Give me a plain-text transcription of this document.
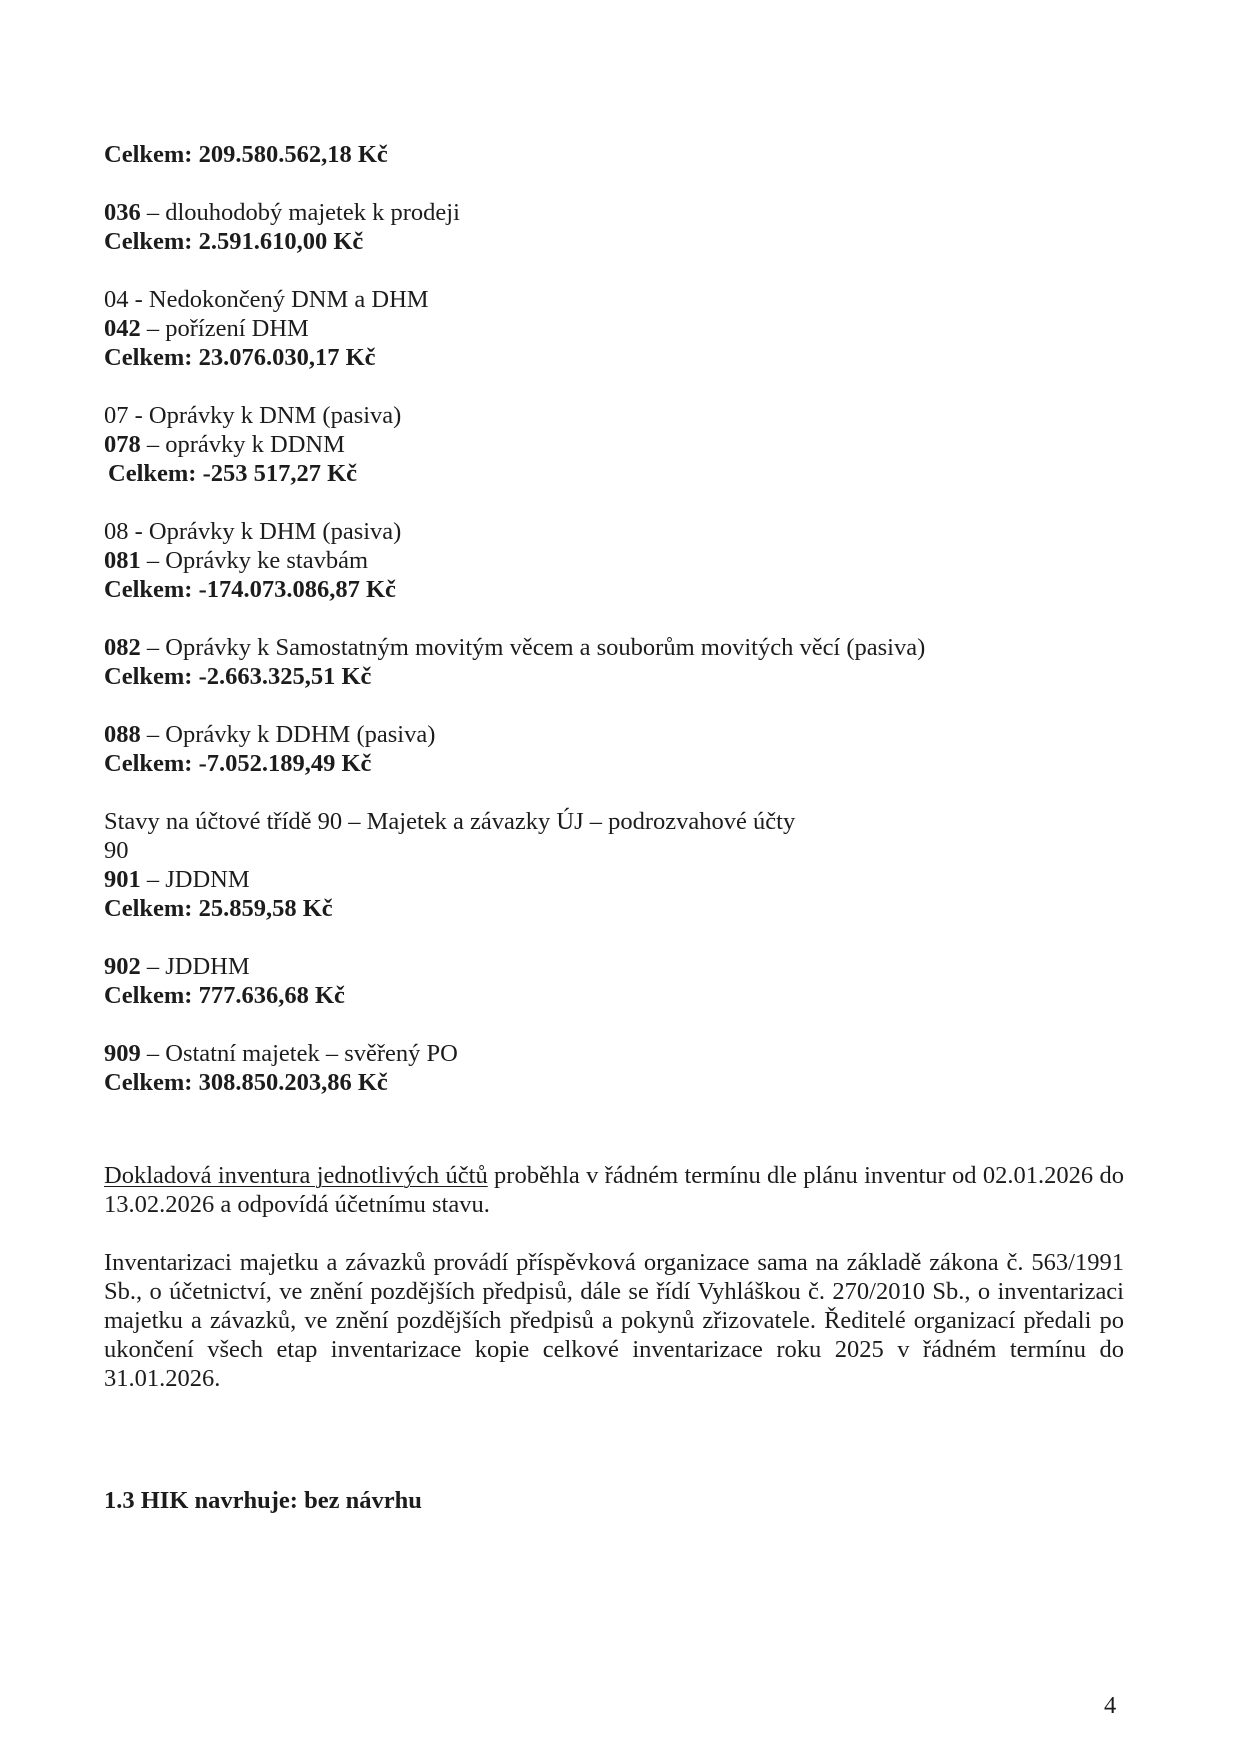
Celkem: 209.580.562,18 Kč
036 – dlouhodobý majetek k prodeji
Celkem: 2.591.610,00 Kč
04 - Nedokončený DNM a DHM
042 – pořízení DHM
Celkem: 23.076.030,17 Kč
07 - Oprávky k DNM (pasiva)
078 – oprávky k DDNM
Celkem: -253 517,27 Kč
08 - Oprávky k DHM (pasiva)
081 – Oprávky ke stavbám
Celkem: -174.073.086,87 Kč
082 – Oprávky k Samostatným movitým věcem a souborům movitých věcí (pasiva)
Celkem: -2.663.325,51 Kč
088 – Oprávky k DDHM (pasiva)
Celkem: -7.052.189,49 Kč
Stavy na účtové třídě 90 – Majetek a závazky ÚJ – podrozvahové účty
90
901 – JDDNM
Celkem: 25.859,58 Kč
902 – JDDHM
Celkem: 777.636,68 Kč
909 – Ostatní majetek – svěřený PO
Celkem: 308.850.203,86 Kč

Dokladová inventura jednotlivých účtů proběhla v řádném termínu dle plánu inventur od 02.01.2026 do 13.02.2026 a odpovídá účetnímu stavu.

Inventarizaci majetku a závazků provádí příspěvková organizace sama na základě zákona č. 563/1991 Sb., o účetnictví, ve znění pozdějších předpisů, dále se řídí Vyhláškou č. 270/2010 Sb., o inventarizaci majetku a závazků, ve znění pozdějších předpisů a pokynů zřizovatele. Ředitelé organizací předali po ukončení všech etap inventarizace kopie celkové inventarizace roku 2025 v řádném termínu do 31.01.2026.

1.3 HIK navrhuje: bez návrhu
4
